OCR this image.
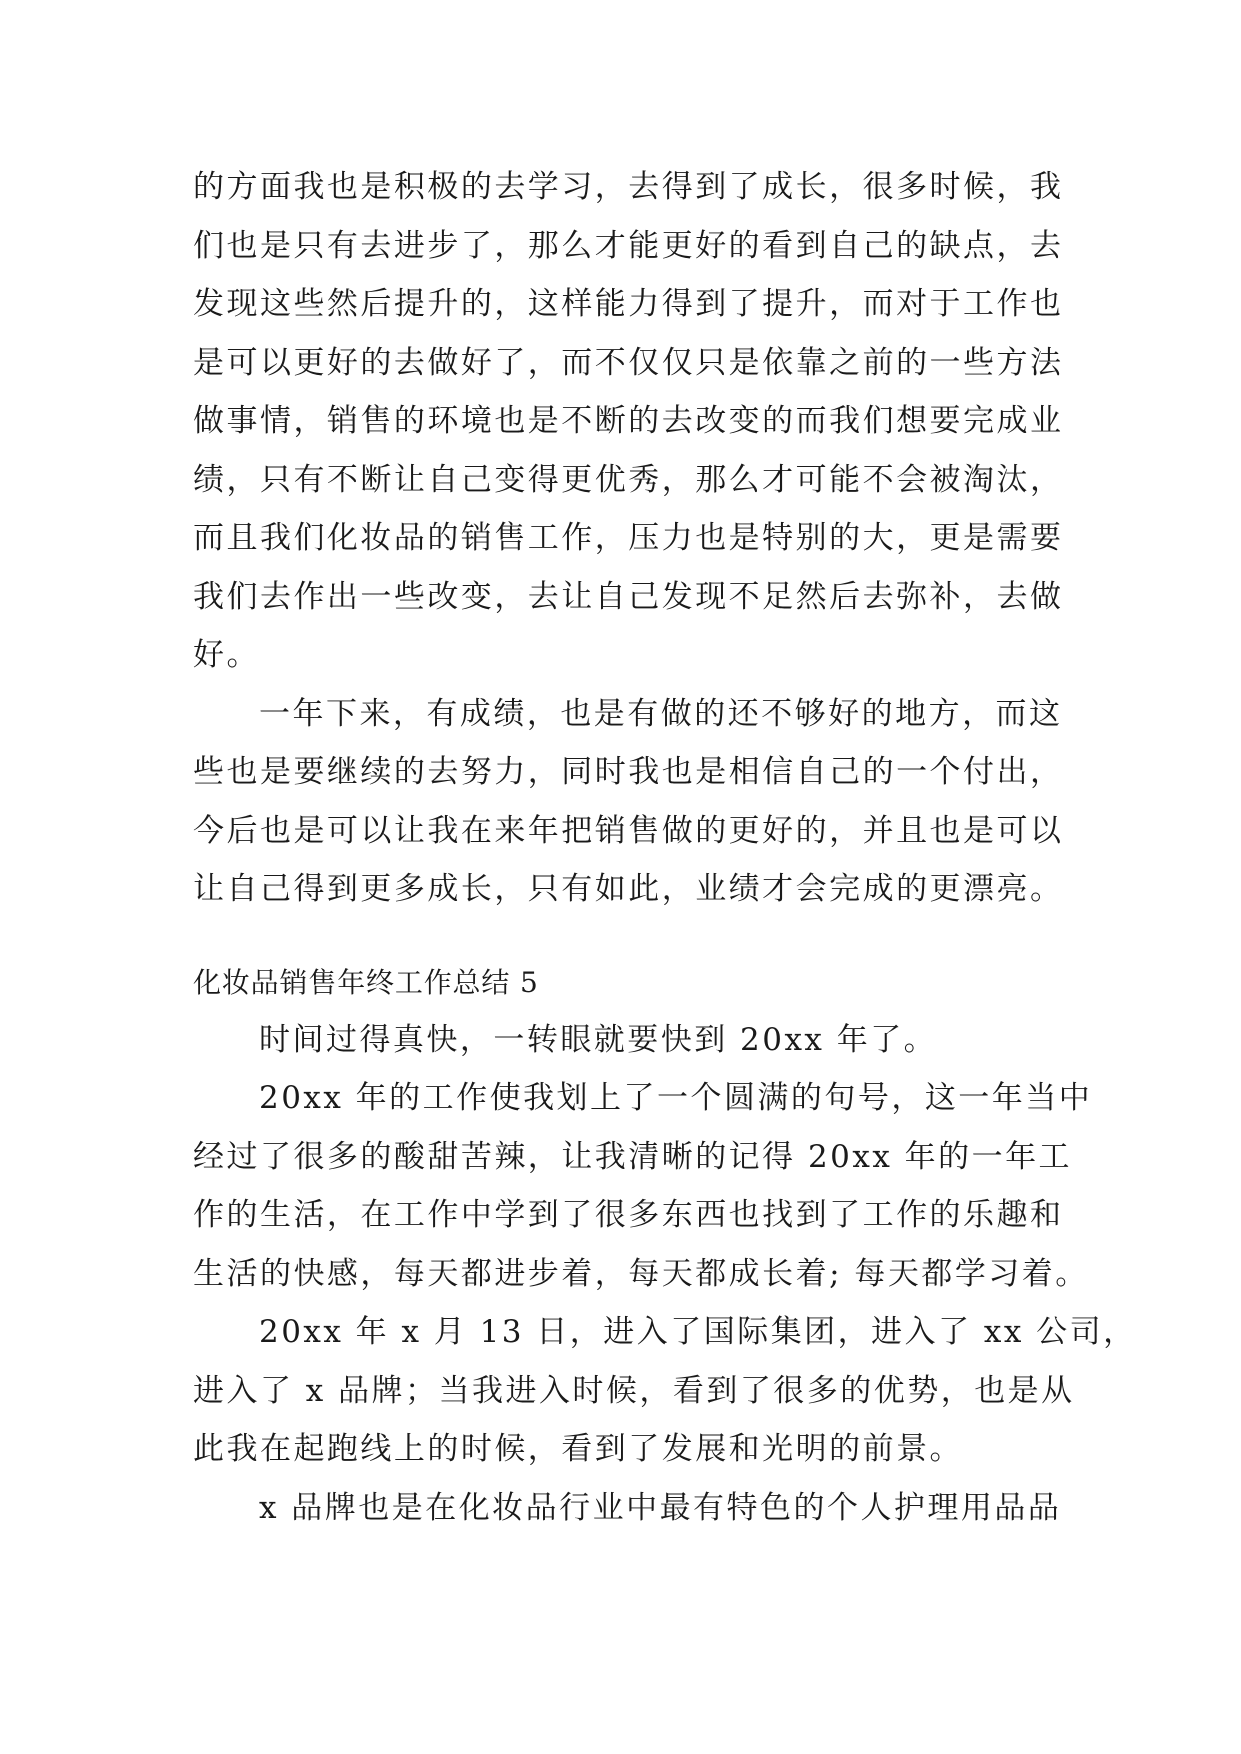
的方面我也是积极的去学习，去得到了成长，很多时候，我
们也是只有去进步了，那么才能更好的看到自己的缺点，去
发现这些然后提升的，这样能力得到了提升，而对于工作也
是可以更好的去做好了，而不仅仅只是依靠之前的一些方法
做事情，销售的环境也是不断的去改变的而我们想要完成业
绩，只有不断让自己变得更优秀，那么才可能不会被淘汰，
而且我们化妆品的销售工作，压力也是特别的大，更是需要
我们去作出一些改变，去让自己发现不足然后去弥补，去做
好。
一年下来，有成绩，也是有做的还不够好的地方，而这
些也是要继续的去努力，同时我也是相信自己的一个付出，
今后也是可以让我在来年把销售做的更好的，并且也是可以
让自己得到更多成长，只有如此，业绩才会完成的更漂亮。
化妆品销售年终工作总结 5
时间过得真快，一转眼就要快到 20xx 年了。
20xx 年的工作使我划上了一个圆满的句号，这一年当中
经过了很多的酸甜苦辣，让我清晰的记得 20xx 年的一年工
作的生活，在工作中学到了很多东西也找到了工作的乐趣和
生活的快感，每天都进步着，每天都成长着; 每天都学习着。
20xx 年 x 月 13 日，进入了国际集团，进入了 xx 公司，
进入了 x 品牌；当我进入时候，看到了很多的优势，也是从
此我在起跑线上的时候，看到了发展和光明的前景。
x 品牌也是在化妆品行业中最有特色的个人护理用品品
